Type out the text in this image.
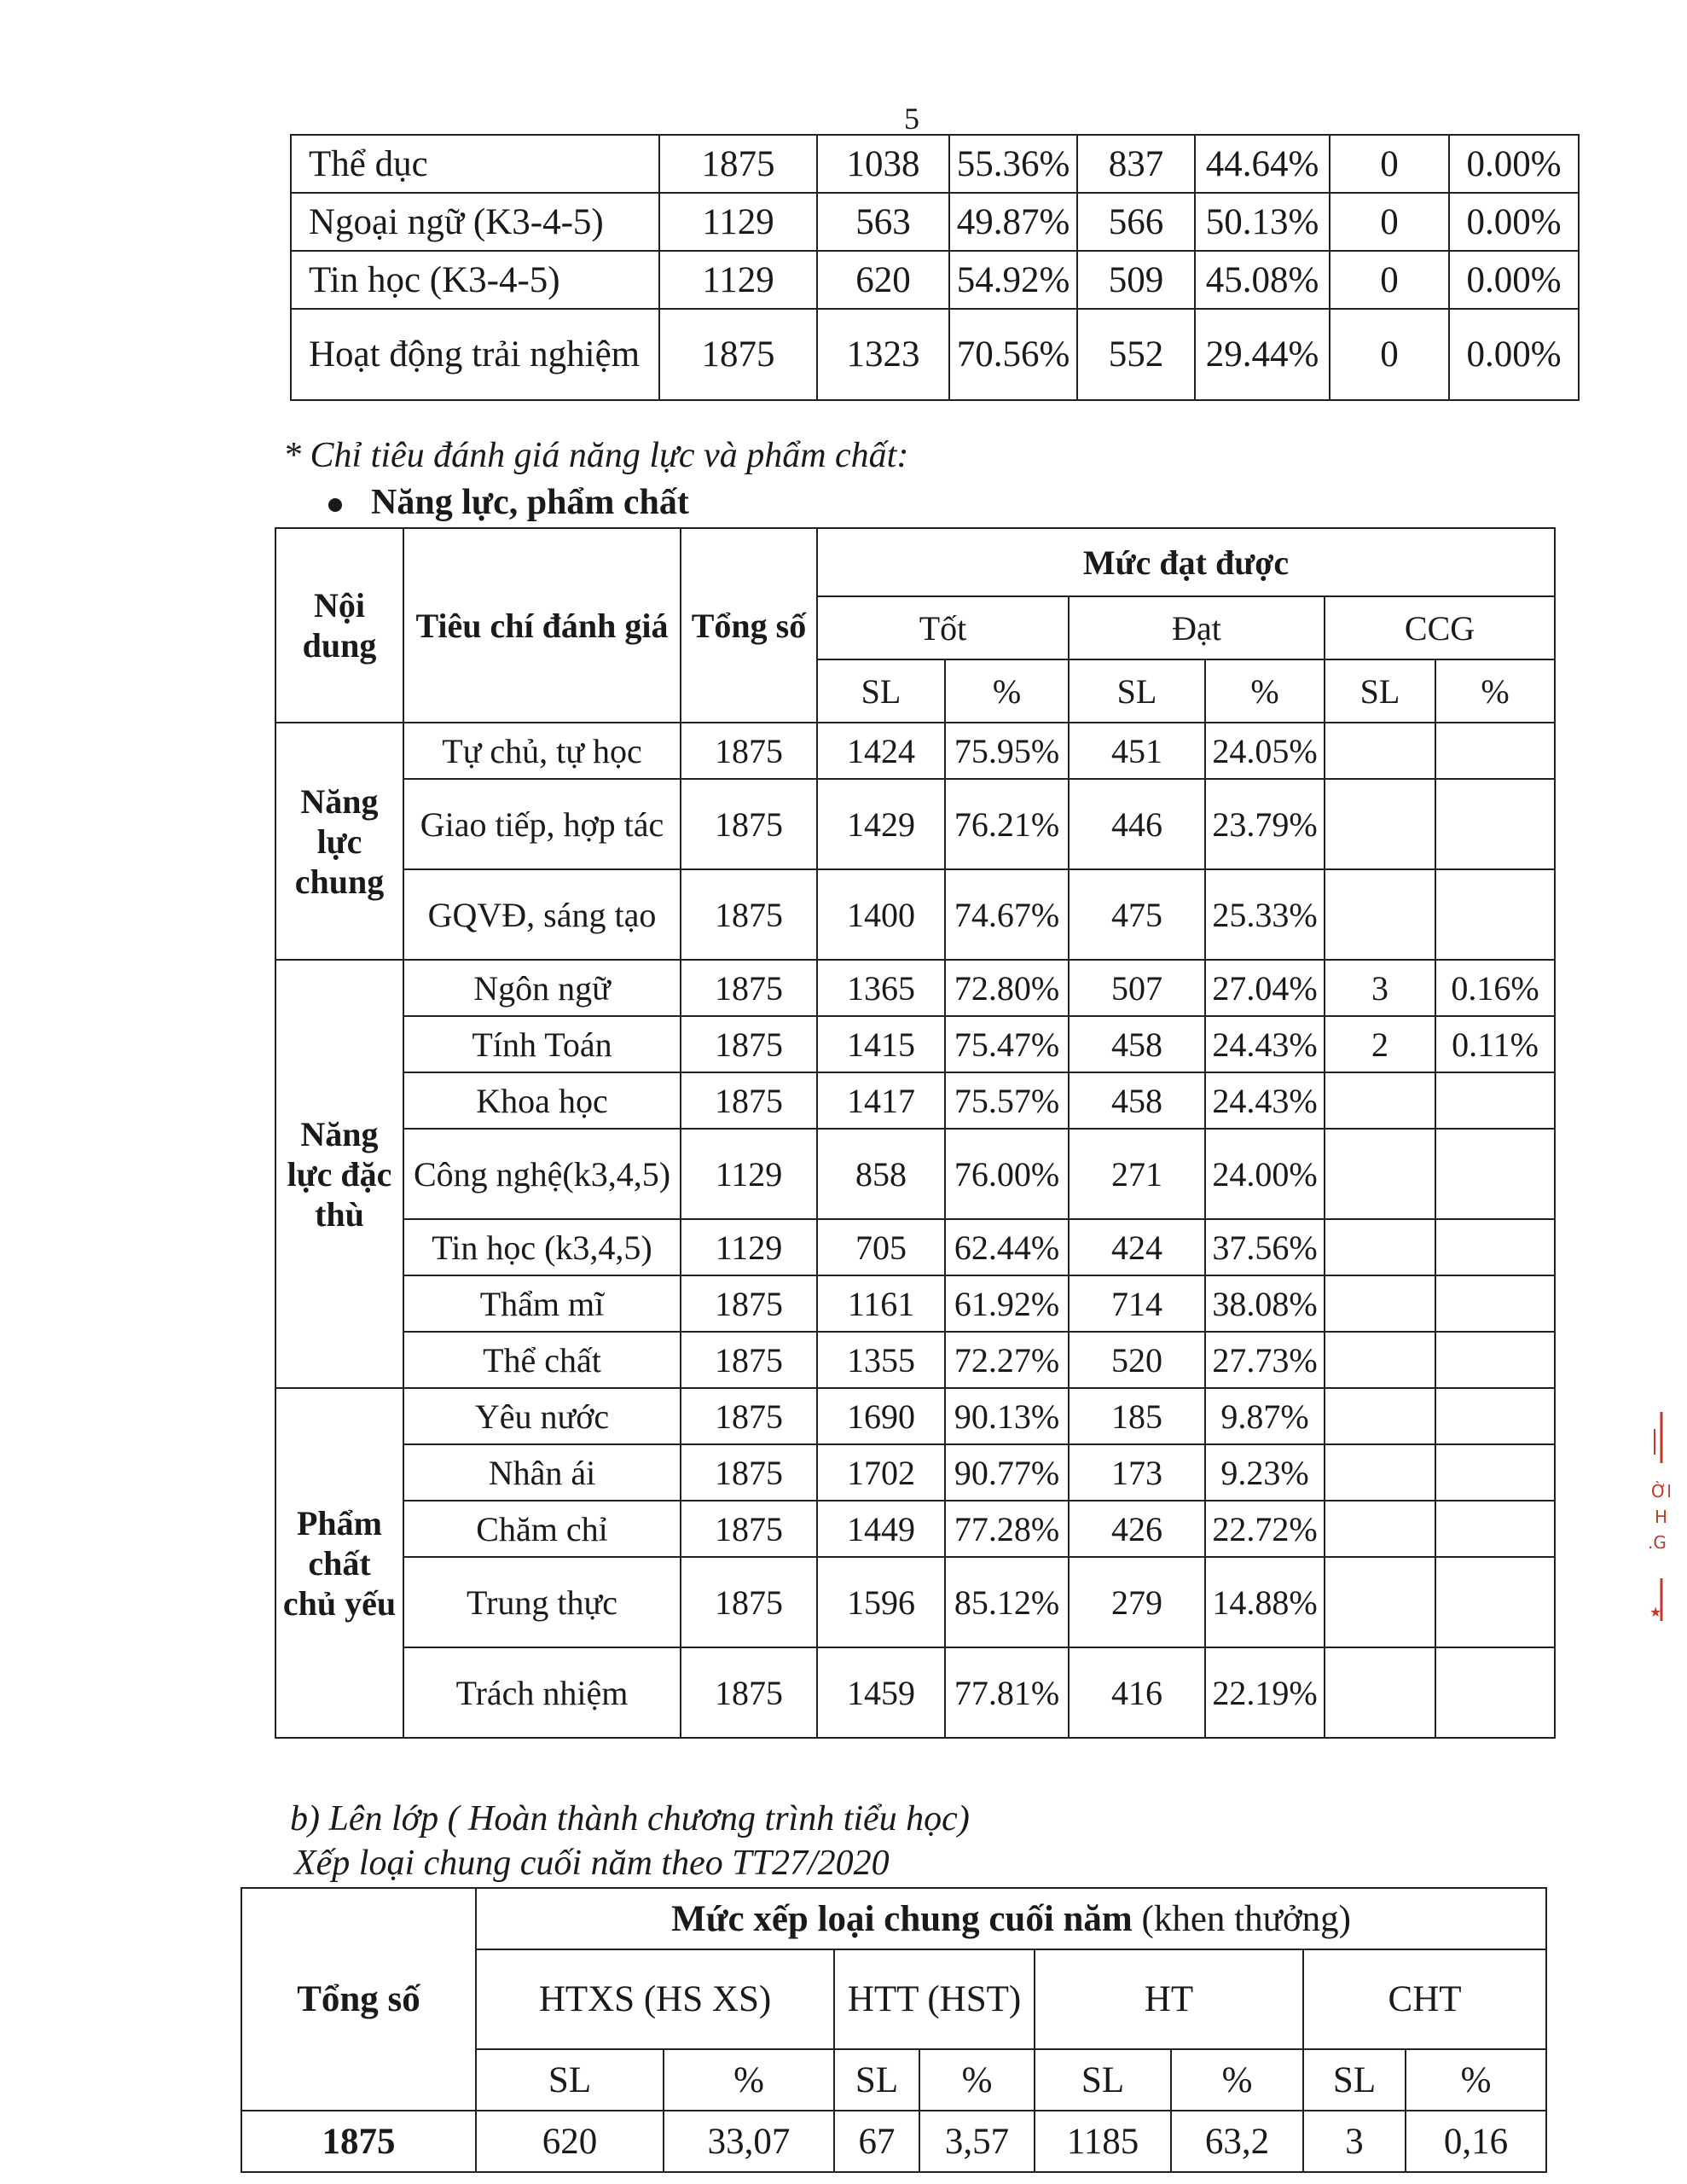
5
Thể dục	1875	1038	55.36%	837	44.64%	0	0.00%
Ngoại ngữ (K3-4-5)	1129	563	49.87%	566	50.13%	0	0.00%
Tin học (K3-4-5)	1129	620	54.92%	509	45.08%	0	0.00%
Hoạt động trải nghiệm	1875	1323	70.56%	552	29.44%	0	0.00%
* Chỉ tiêu đánh giá năng lực và phẩm chất:
Năng lực, phẩm chất
Nội dung	Tiêu chí đánh giá	Tổng số	Mức đạt được					
			Tốt		Đạt		CCG	
			SL	%	SL	%	SL	%
Năng lực chung	Tự chủ, tự học	1875	1424	75.95%	451	24.05%		
	Giao tiếp, hợp tác	1875	1429	76.21%	446	23.79%		
	GQVĐ, sáng tạo	1875	1400	74.67%	475	25.33%		
Năng lực đặc thù	Ngôn ngữ	1875	1365	72.80%	507	27.04%	3	0.16%
	Tính Toán	1875	1415	75.47%	458	24.43%	2	0.11%
	Khoa học	1875	1417	75.57%	458	24.43%		
	Công nghệ(k3,4,5)	1129	858	76.00%	271	24.00%		
	Tin học (k3,4,5)	1129	705	62.44%	424	37.56%		
	Thẩm mĩ	1875	1161	61.92%	714	38.08%		
	Thể chất	1875	1355	72.27%	520	27.73%		
Phẩm chất chủ yếu	Yêu nước	1875	1690	90.13%	185	9.87%		
	Nhân ái	1875	1702	90.77%	173	9.23%		
	Chăm chỉ	1875	1449	77.28%	426	22.72%		
	Trung thực	1875	1596	85.12%	279	14.88%		
	Trách nhiệm	1875	1459	77.81%	416	22.19%		
b) Lên lớp ( Hoàn thành chương trình tiểu học)
Xếp loại chung cuối năm theo TT27/2020
Tổng số	Mức xếp loại chung cuối năm (khen thưởng)							
	HTXS (HS XS)		HTT (HST)		HT		CHT	
	SL	%	SL	%	SL	%	SL	%
1875	620	33,07	67	3,57	1185	63,2	3	0,16
ỜI
H
.G
★
